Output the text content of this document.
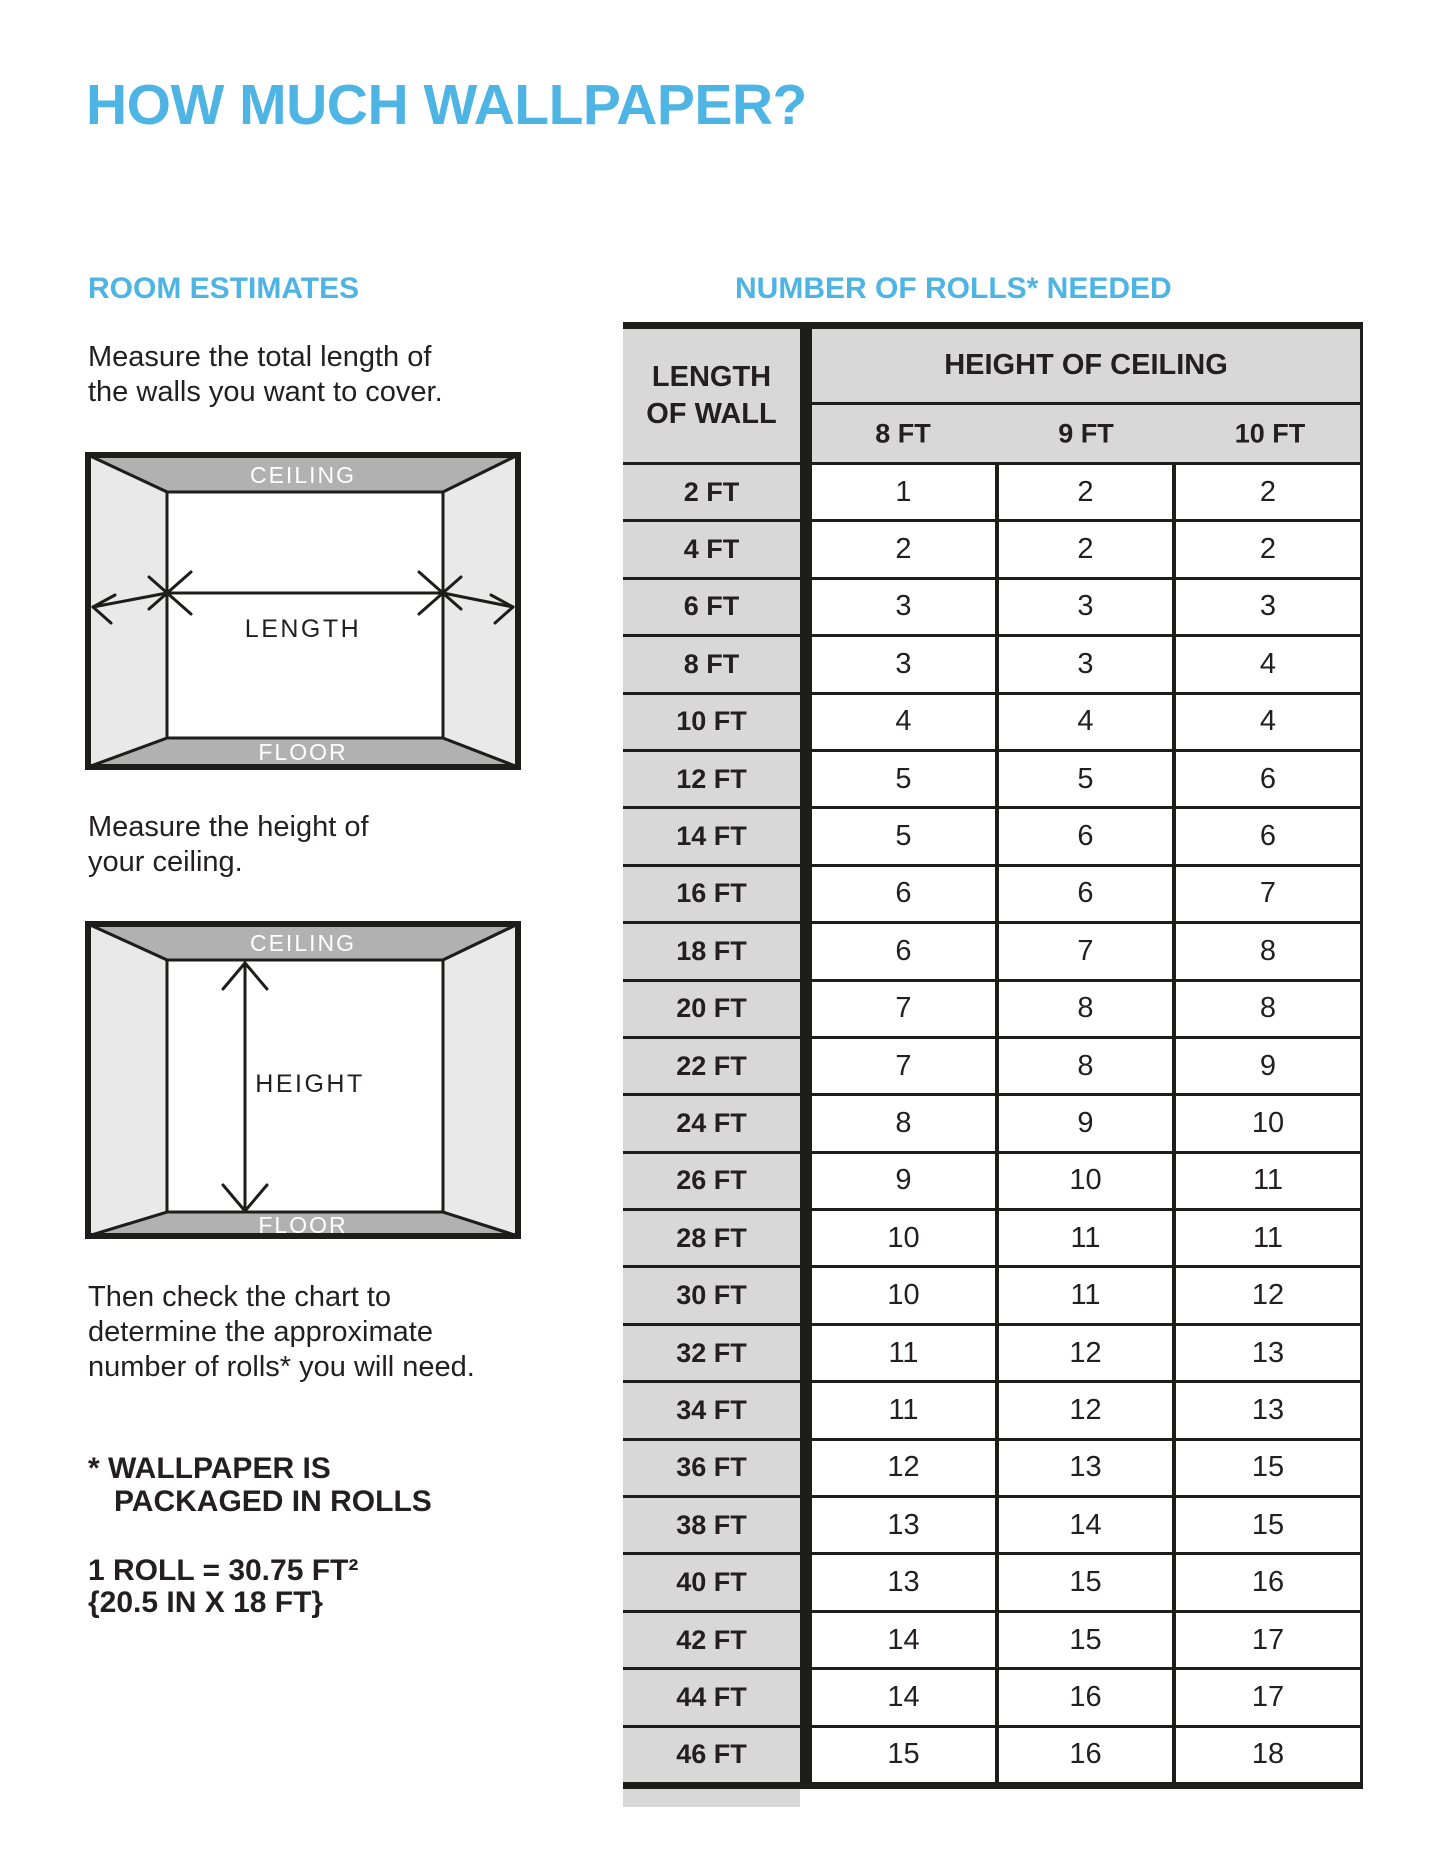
HOW MUCH WALLPAPER?
ROOM ESTIMATES	NUMBER OF ROLLS* NEEDED
Measure the total length of
the walls you want to cover.
CEILING
LENGTH
FLOOR
Measure the height of
your ceiling.
CEILING
HEIGHT
FLOOR
Then check the chart to
determine the approximate
number of rolls* you will need.
* WALLPAPER IS
PACKAGED IN ROLLS
1 ROLL = 30.75 FT²
{20.5 IN X 18 FT}
LENGTH
OF WALL
HEIGHT OF CEILING
8 FT	9 FT	10 FT
2 FT	1	2	2
4 FT	2	2	2
6 FT	3	3	3
8 FT	3	3	4
10 FT	4	4	4
12 FT	5	5	6
14 FT	5	6	6
16 FT	6	6	7
18 FT	6	7	8
20 FT	7	8	8
22 FT	7	8	9
24 FT	8	9	10
26 FT	9	10	11
28 FT	10	11	11
30 FT	10	11	12
32 FT	11	12	13
34 FT	11	12	13
36 FT	12	13	15
38 FT	13	14	15
40 FT	13	15	16
42 FT	14	15	17
44 FT	14	16	17
46 FT	15	16	18
